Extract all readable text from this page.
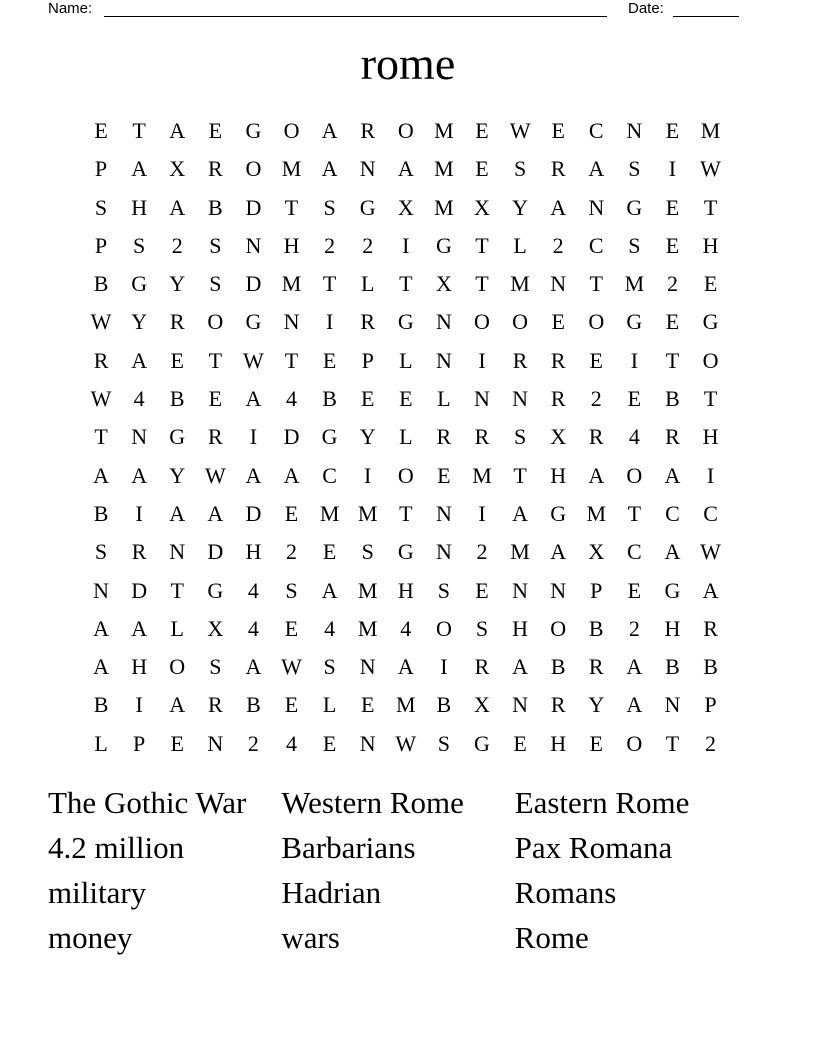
Name:	Date:
rome
E	T	A	E	G	O	A	R	O M E W E	C	N	E M
P	A	X	R	O M A	N	A M E	S	R	A	S	I	W
S	H	A	B	D	T	S	G	X M X	Y	A	N	G	E	T
P	S	2	S	N	H	2	2	I	G	T	L	2	C	S	E	H
B	G	Y	S	D M T	L	T	X	T M N	T M	2	E
W Y	R	O	G	N	I	R	G	N	O	O	E	O	G	E	G
R	A	E	T W T	E	P	L	N	I	R	R	E	I	T	O
W	4	B	E	A	4	B	E	E	L	N	N	R	2	E	B	T
T	N	G	R	I	D	G	Y	L	R	R	S	X	R	4	R	H
A	A	Y W A	A	C	I	O	E M T	H	A	O	A	I
B	I	A	A	D	E M M T	N	I	A	G M T	C	C
S	R	N	D	H	2	E	S	G	N	2	M A	X	C	A W
N	D	T	G	4	S	A M H	S	E	N	N	P	E	G	A
A	A	L	X	4	E	4	M	4	O	S	H	O	B	2	H	R
A	H	O	S	A W S	N	A	I	R	A	B	R	A	B	B
B	I	A	R	B	E	L	E M B	X	N	R	Y	A	N	P
L	P	E	N	2	4	E	N W S	G	E	H	E	O	T	2
The Gothic War	Western Rome	Eastern Rome
4.2 million	Barbarians	Pax Romana
military	Hadrian	Romans
money	wars	Rome
